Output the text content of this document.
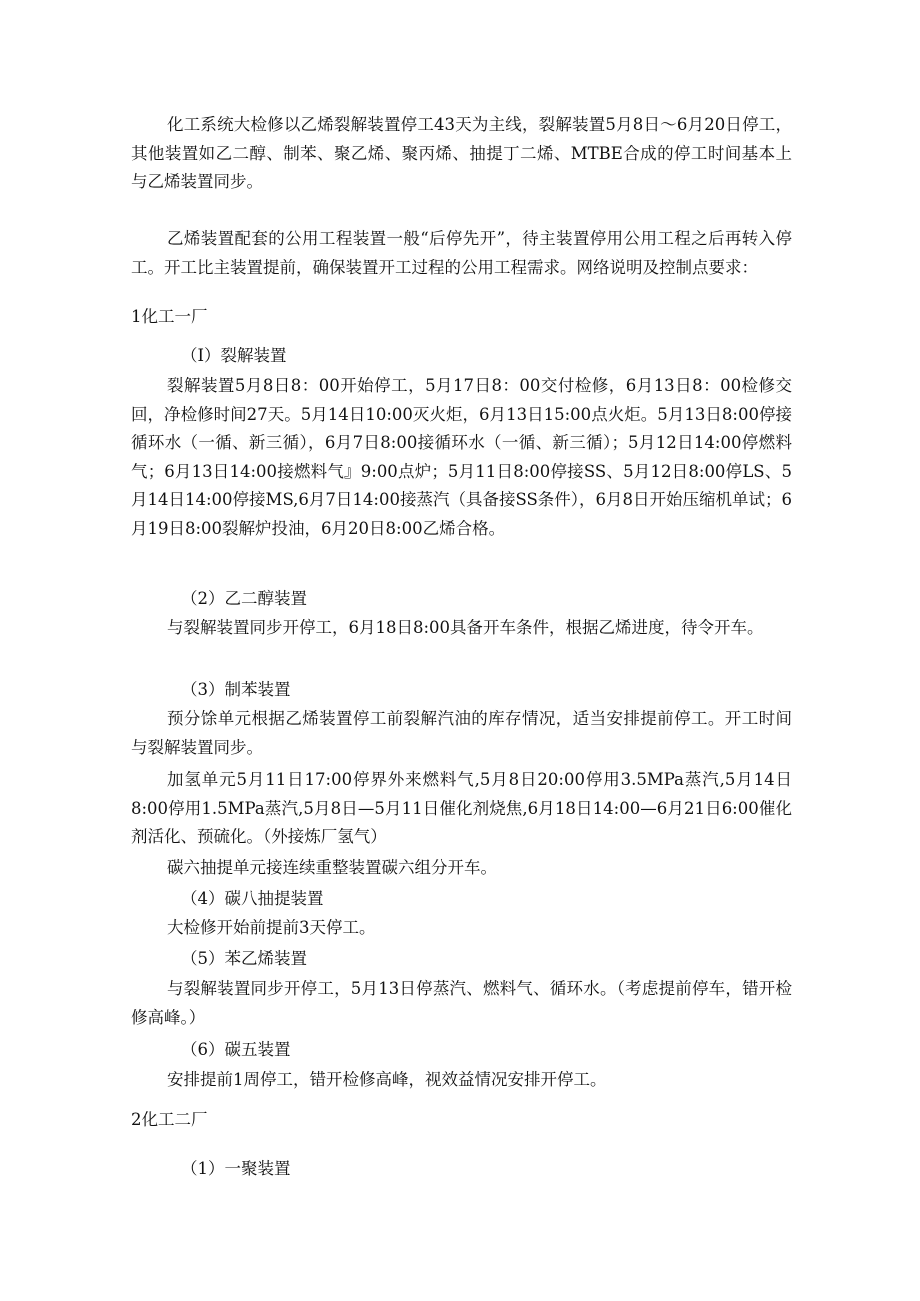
化工系统大检修以乙烯裂解装置停工43天为主线，裂解装置5月8日～6月20日停工，其他装置如乙二醇、制苯、聚乙烯、聚丙烯、抽提丁二烯、MTBE合成的停工时间基本上与乙烯装置同步。

乙烯装置配套的公用工程装置一般“后停先开”，待主装置停用公用工程之后再转入停工。开工比主装置提前，确保装置开工过程的公用工程需求。网络说明及控制点要求：

1化工一厂

（I）裂解装置

裂解装置5月8日8：00开始停工，5月17日8：00交付检修，6月13日8：00检修交回，净检修时间27天。5月14日10:00灭火炬，6月13日15:00点火炬。5月13日8:00停接循环水（一循、新三循），6月7日8:00接循环水（一循、新三循）；5月12日14:00停燃料气；6月13日14:00接燃料气』9:00点炉；5月11日8:00停接SS、5月12日8:00停LS、5月14日14:00停接MS,6月7日14:00接蒸汽（具备接SS条件），6月8日开始压缩机单试；6月19日8:00裂解炉投油，6月20日8:00乙烯合格。

（2）乙二醇装置

与裂解装置同步开停工，6月18日8:00具备开车条件，根据乙烯进度，待令开车。

（3）制苯装置

预分馀单元根据乙烯装置停工前裂解汽油的库存情况，适当安排提前停工。开工时间与裂解装置同步。

加氢单元5月11日17:00停界外来燃料气,5月8日20:00停用3.5MPa蒸汽,5月14日8:00停用1.5MPa蒸汽,5月8日—5月11日催化剂烧焦,6月18日14:00—6月21日6:00催化剂活化、预硫化。（外接炼厂氢气）

碳六抽提单元接连续重整装置碳六组分开车。

（4）碳八抽提装置

大检修开始前提前3天停工。

（5）苯乙烯装置

与裂解装置同步开停工，5月13日停蒸汽、燃料气、循环水。（考虑提前停车，错开检修高峰。）

（6）碳五装置

安排提前1周停工，错开检修高峰，视效益情况安排开停工。

2化工二厂

（1）一聚装置
